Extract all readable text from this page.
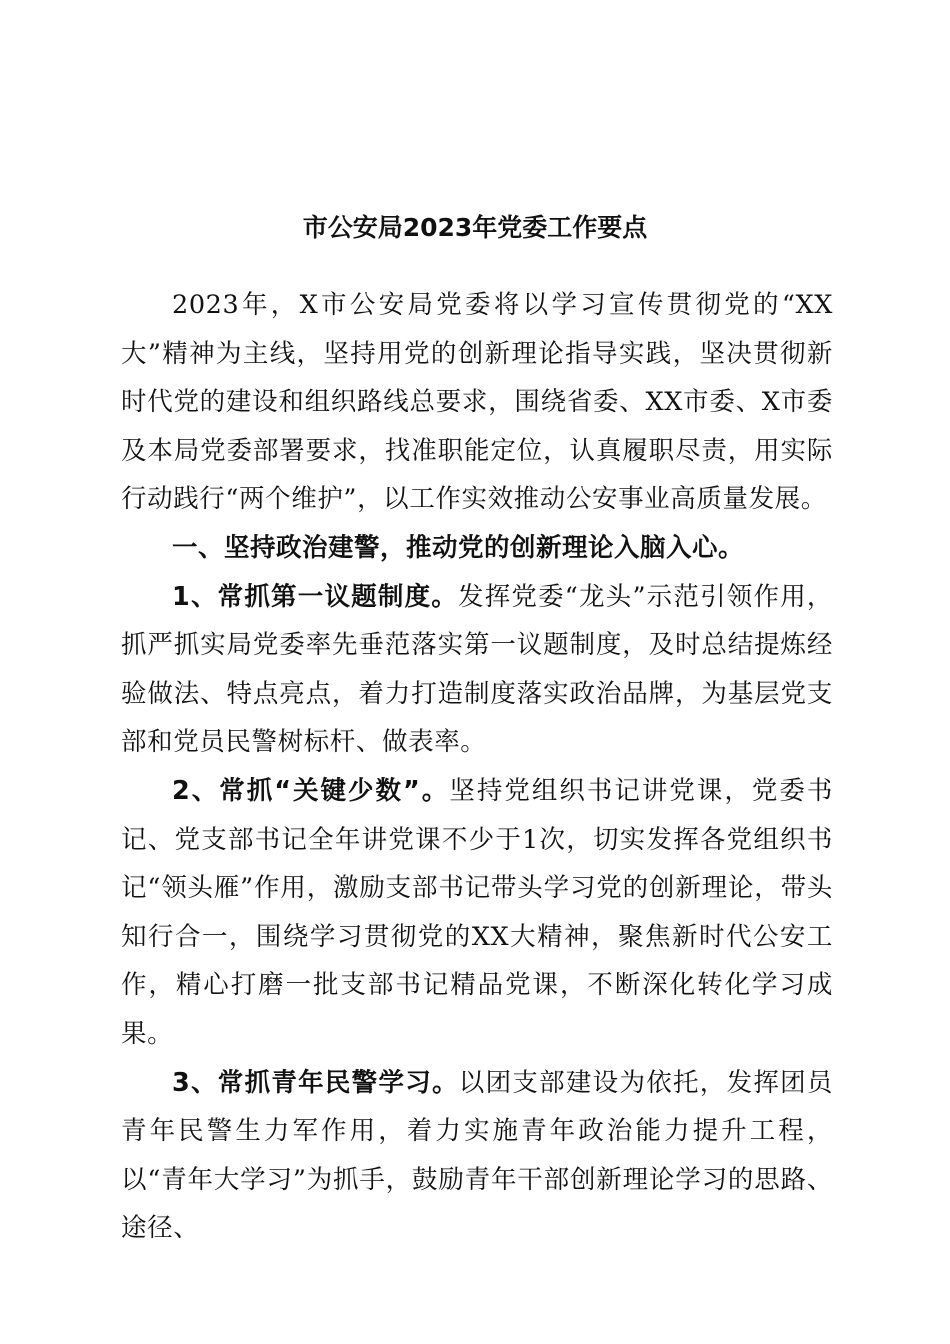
市公安局2023年党委工作要点

2023年，X市公安局党委将以学习宣传贯彻党的“XX大”精神为主线，坚持用党的创新理论指导实践，坚决贯彻新时代党的建设和组织路线总要求，围绕省委、XX市委、X市委及本局党委部署要求，找准职能定位，认真履职尽责，用实际行动践行“两个维护”，以工作实效推动公安事业高质量发展。

一、坚持政治建警，推动党的创新理论入脑入心。

1、常抓第一议题制度。发挥党委“龙头”示范引领作用，抓严抓实局党委率先垂范落实第一议题制度，及时总结提炼经验做法、特点亮点，着力打造制度落实政治品牌，为基层党支部和党员民警树标杆、做表率。

2、常抓“关键少数”。坚持党组织书记讲党课，党委书记、党支部书记全年讲党课不少于1次，切实发挥各党组织书记“领头雁”作用，激励支部书记带头学习党的创新理论，带头知行合一，围绕学习贯彻党的XX大精神，聚焦新时代公安工作，精心打磨一批支部书记精品党课，不断深化转化学习成果。

3、常抓青年民警学习。以团支部建设为依托，发挥团员青年民警生力军作用，着力实施青年政治能力提升工程，以“青年大学习”为抓手，鼓励青年干部创新理论学习的思路、途径、
